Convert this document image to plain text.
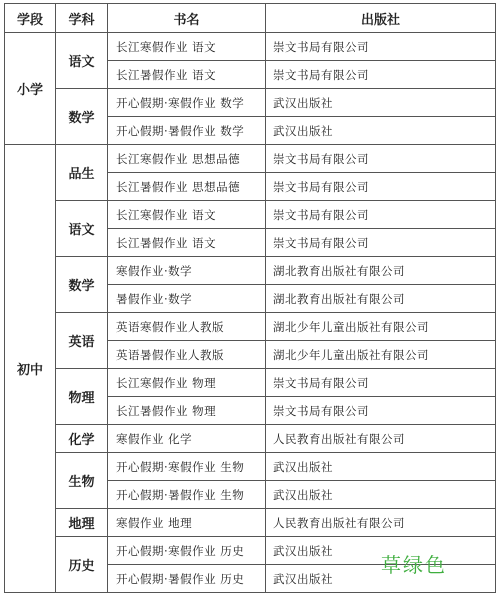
学段	学科	书名	出版社
小学	语文	长江寒假作业 语文	崇文书局有限公司
		长江暑假作业 语文	崇文书局有限公司
	数学	开心假期·寒假作业 数学	武汉出版社
		开心假期·暑假作业 数学	武汉出版社
初中	品生	长江寒假作业 思想品德	崇文书局有限公司
		长江暑假作业 思想品德	崇文书局有限公司
	语文	长江寒假作业 语文	崇文书局有限公司
		长江暑假作业 语文	崇文书局有限公司
	数学	寒假作业·数学	湖北教育出版社有限公司
		暑假作业·数学	湖北教育出版社有限公司
	英语	英语寒假作业人教版	湖北少年儿童出版社有限公司
		英语暑假作业人教版	湖北少年儿童出版社有限公司
	物理	长江寒假作业 物理	崇文书局有限公司
		长江暑假作业 物理	崇文书局有限公司
	化学	寒假作业 化学	人民教育出版社有限公司
	生物	开心假期·寒假作业 生物	武汉出版社
		开心假期·暑假作业 生物	武汉出版社
	地理	寒假作业 地理	人民教育出版社有限公司
	历史	开心假期·寒假作业 历史	武汉出版社
		开心假期·暑假作业 历史	武汉出版社
草绿色
